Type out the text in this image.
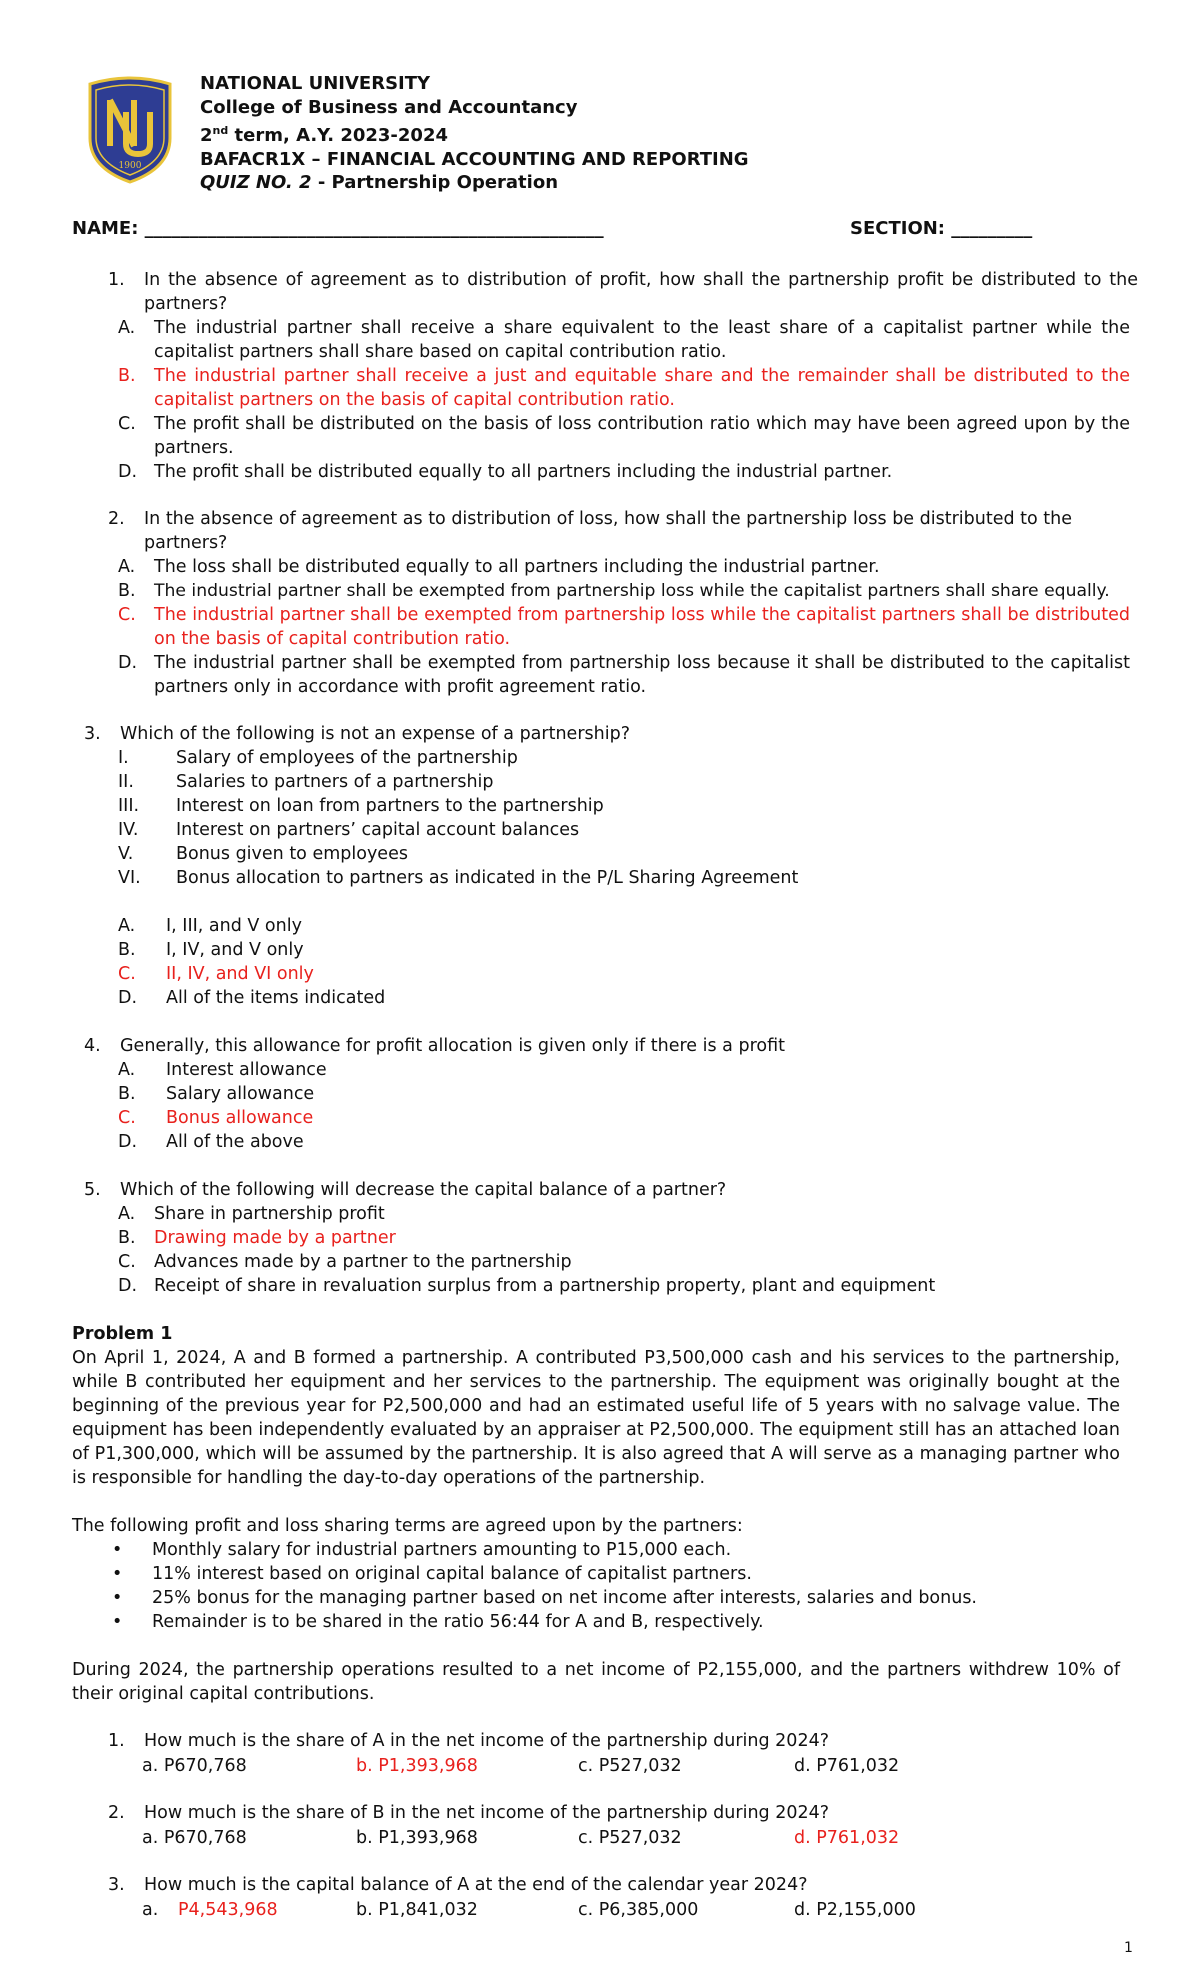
1900
NATIONAL UNIVERSITY
College of Business and Accountancy
2nd term, A.Y. 2023-2024
BAFACR1X – FINANCIAL ACCOUNTING AND REPORTING
QUIZ NO. 2 - Partnership Operation
NAME: ___________________________________________________	SECTION: _________
1. In the absence of agreement as to distribution of profit, how shall the partnership profit be distributed to the partners?
A. The industrial partner shall receive a share equivalent to the least share of a capitalist partner while the capitalist partners shall share based on capital contribution ratio.
B. The industrial partner shall receive a just and equitable share and the remainder shall be distributed to the capitalist partners on the basis of capital contribution ratio.
C. The profit shall be distributed on the basis of loss contribution ratio which may have been agreed upon by the partners.
D. The profit shall be distributed equally to all partners including the industrial partner.
2. In the absence of agreement as to distribution of loss, how shall the partnership loss be distributed to the partners?
A. The loss shall be distributed equally to all partners including the industrial partner.
B. The industrial partner shall be exempted from partnership loss while the capitalist partners shall share equally.
C. The industrial partner shall be exempted from partnership loss while the capitalist partners shall be distributed on the basis of capital contribution ratio.
D. The industrial partner shall be exempted from partnership loss because it shall be distributed to the capitalist partners only in accordance with profit agreement ratio.
3. Which of the following is not an expense of a partnership?
I.	Salary of employees of the partnership
II.	Salaries to partners of a partnership
III.	Interest on loan from partners to the partnership
IV.	Interest on partners’ capital account balances
V.	Bonus given to employees
VI.	Bonus allocation to partners as indicated in the P/L Sharing Agreement
A. I, III, and V only
B. I, IV, and V only
C. II, IV, and VI only
D. All of the items indicated
4. Generally, this allowance for profit allocation is given only if there is a profit
A. Interest allowance
B. Salary allowance
C. Bonus allowance
D. All of the above
5. Which of the following will decrease the capital balance of a partner?
A. Share in partnership profit
B. Drawing made by a partner
C. Advances made by a partner to the partnership
D. Receipt of share in revaluation surplus from a partnership property, plant and equipment
Problem 1
On April 1, 2024, A and B formed a partnership. A contributed P3,500,000 cash and his services to the partnership, while B contributed her equipment and her services to the partnership. The equipment was originally bought at the beginning of the previous year for P2,500,000 and had an estimated useful life of 5 years with no salvage value. The equipment has been independently evaluated by an appraiser at P2,500,000. The equipment still has an attached loan of P1,300,000, which will be assumed by the partnership. It is also agreed that A will serve as a managing partner who is responsible for handling the day-to-day operations of the partnership.
The following profit and loss sharing terms are agreed upon by the partners:
• Monthly salary for industrial partners amounting to P15,000 each.
• 11% interest based on original capital balance of capitalist partners.
• 25% bonus for the managing partner based on net income after interests, salaries and bonus.
• Remainder is to be shared in the ratio 56:44 for A and B, respectively.
During 2024, the partnership operations resulted to a net income of P2,155,000, and the partners withdrew 10% of their original capital contributions.
1. How much is the share of A in the net income of the partnership during 2024?
a. P670,768	b. P1,393,968	c. P527,032	d. P761,032
2. How much is the share of B in the net income of the partnership during 2024?
a. P670,768	b. P1,393,968	c. P527,032	d. P761,032
3. How much is the capital balance of A at the end of the calendar year 2024?
a. P4,543,968	b. P1,841,032	c. P6,385,000	d. P2,155,000
1
